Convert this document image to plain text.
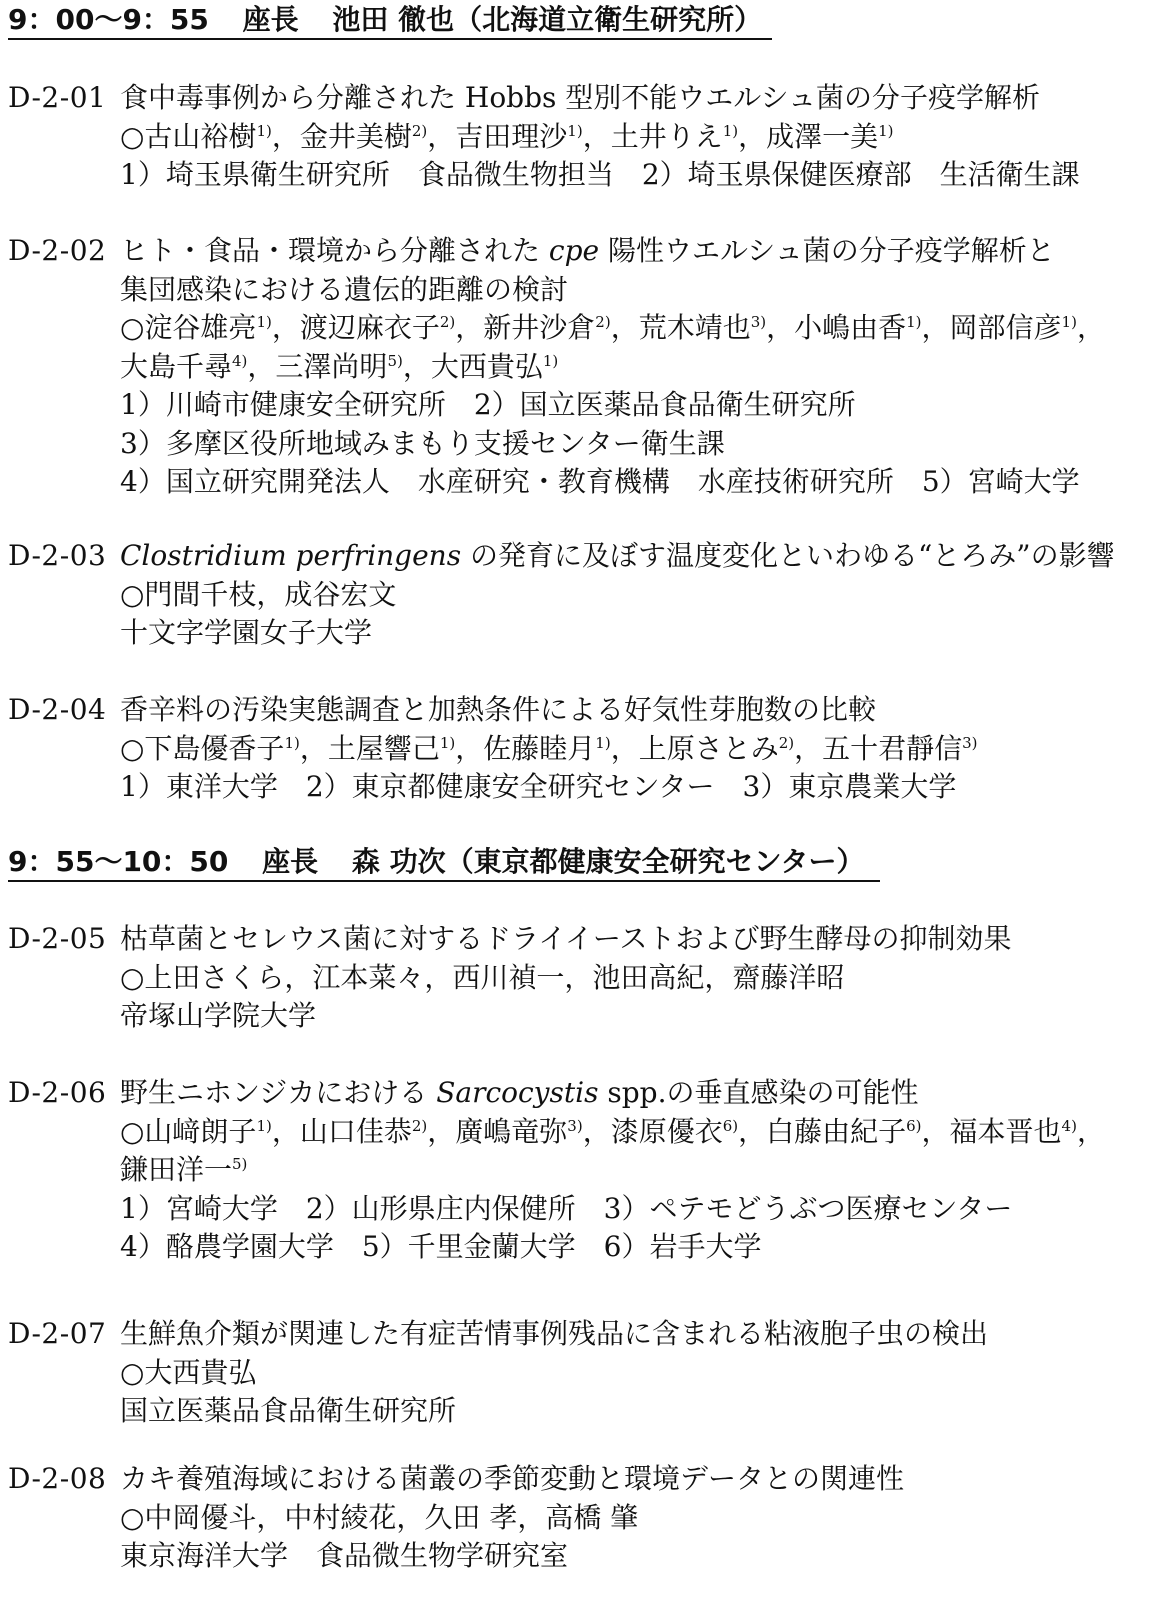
9：00〜9：55 座長 池田 徹也（北海道立衛生研究所）
9：55〜10：50 座長 森 功次（東京都健康安全研究センター）
D-2-01 食中毒事例から分離された Hobbs 型別不能ウエルシュ菌の分子疫学解析
○古山裕樹$^{1)}$，金井美樹$^{2)}$，吉田理沙$^{1)}$，土井りえ$^{1)}$，成澤一美$^{1)}$
1）埼玉県衛生研究所　食品微生物担当　2）埼玉県保健医療部　生活衛生課
D-2-02 ヒト・食品・環境から分離された cpe 陽性ウエルシュ菌の分子疫学解析と
集団感染における遺伝的距離の検討
○淀谷雄亮$^{1)}$，渡辺麻衣子$^{2)}$，新井沙倉$^{2)}$，荒木靖也$^{3)}$，小嶋由香$^{1)}$，岡部信彦$^{1)}$，
大島千尋$^{4)}$，三澤尚明$^{5)}$，大西貴弘$^{1)}$
1）川崎市健康安全研究所　2）国立医薬品食品衛生研究所
3）多摩区役所地域みまもり支援センター衛生課
4）国立研究開発法人　水産研究・教育機構　水産技術研究所　5）宮崎大学
D-2-03 Clostridium perfringens の発育に及ぼす温度変化といわゆる“とろみ”の影響
○門間千枝，成谷宏文
十文字学園女子大学
D-2-04 香辛料の汚染実態調査と加熱条件による好気性芽胞数の比較
○下島優香子$^{1)}$，土屋響己$^{1)}$，佐藤睦月$^{1)}$，上原さとみ$^{2)}$，五十君靜信$^{3)}$
1）東洋大学　2）東京都健康安全研究センター　3）東京農業大学
D-2-05 枯草菌とセレウス菌に対するドライイーストおよび野生酵母の抑制効果
○上田さくら，江本菜々，西川禎一，池田高紀，齋藤洋昭
帝塚山学院大学
D-2-06 野生ニホンジカにおける Sarcocystis spp.の垂直感染の可能性
○山﨑朗子$^{1)}$，山口佳恭$^{2)}$，廣嶋竜弥$^{3)}$，漆原優衣$^{6)}$，白藤由紀子$^{6)}$，福本晋也$^{4)}$，
鎌田洋一$^{5)}$
1）宮崎大学　2）山形県庄内保健所　3）ペテモどうぶつ医療センター
4）酪農学園大学　5）千里金蘭大学　6）岩手大学
D-2-07 生鮮魚介類が関連した有症苦情事例残品に含まれる粘液胞子虫の検出
○大西貴弘
国立医薬品食品衛生研究所
D-2-08 カキ養殖海域における菌叢の季節変動と環境データとの関連性
○中岡優斗，中村綾花，久田 孝，高橋 肇
東京海洋大学　食品微生物学研究室
